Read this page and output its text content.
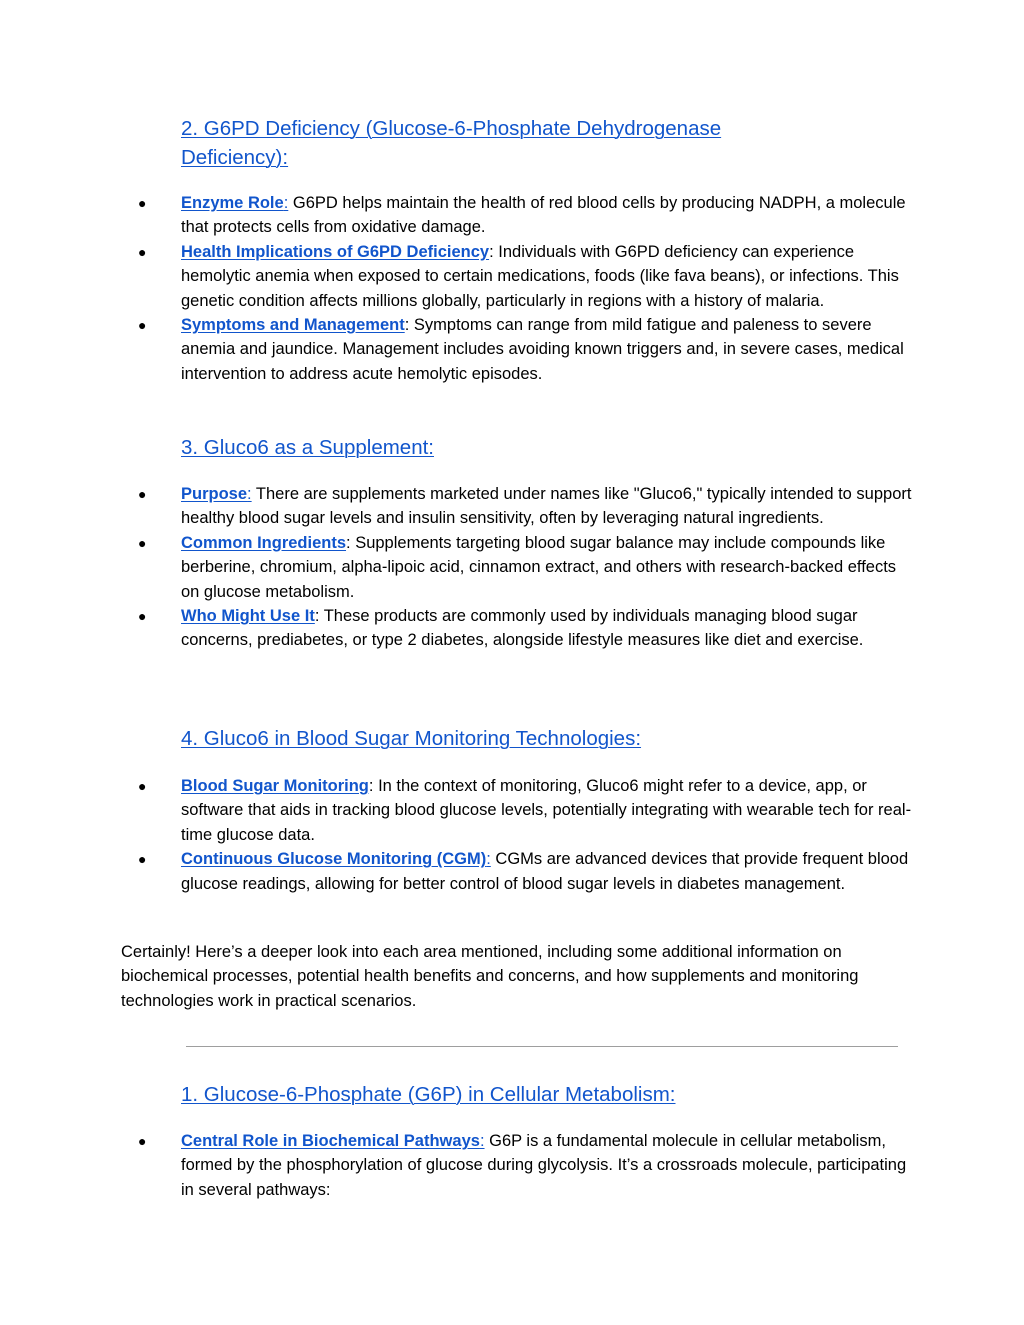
2. G6PD Deficiency (Glucose-6-Phosphate Dehydrogenase Deficiency):
● Enzyme Role: G6PD helps maintain the health of red blood cells by producing NADPH, a molecule that protects cells from oxidative damage.
● Health Implications of G6PD Deficiency: Individuals with G6PD deficiency can experience hemolytic anemia when exposed to certain medications, foods (like fava beans), or infections. This genetic condition affects millions globally, particularly in regions with a history of malaria.
● Symptoms and Management: Symptoms can range from mild fatigue and paleness to severe anemia and jaundice. Management includes avoiding known triggers and, in severe cases, medical intervention to address acute hemolytic episodes.
3. Gluco6 as a Supplement:
● Purpose: There are supplements marketed under names like "Gluco6," typically intended to support healthy blood sugar levels and insulin sensitivity, often by leveraging natural ingredients.
● Common Ingredients: Supplements targeting blood sugar balance may include compounds like berberine, chromium, alpha-lipoic acid, cinnamon extract, and others with research-backed effects on glucose metabolism.
● Who Might Use It: These products are commonly used by individuals managing blood sugar concerns, prediabetes, or type 2 diabetes, alongside lifestyle measures like diet and exercise.
4. Gluco6 in Blood Sugar Monitoring Technologies:
● Blood Sugar Monitoring: In the context of monitoring, Gluco6 might refer to a device, app, or software that aids in tracking blood glucose levels, potentially integrating with wearable tech for real-time glucose data.
● Continuous Glucose Monitoring (CGM): CGMs are advanced devices that provide frequent blood glucose readings, allowing for better control of blood sugar levels in diabetes management.

Certainly! Here’s a deeper look into each area mentioned, including some additional information on biochemical processes, potential health benefits and concerns, and how supplements and monitoring technologies work in practical scenarios.

1. Glucose-6-Phosphate (G6P) in Cellular Metabolism:
● Central Role in Biochemical Pathways: G6P is a fundamental molecule in cellular metabolism, formed by the phosphorylation of glucose during glycolysis. It’s a crossroads molecule, participating in several pathways:
